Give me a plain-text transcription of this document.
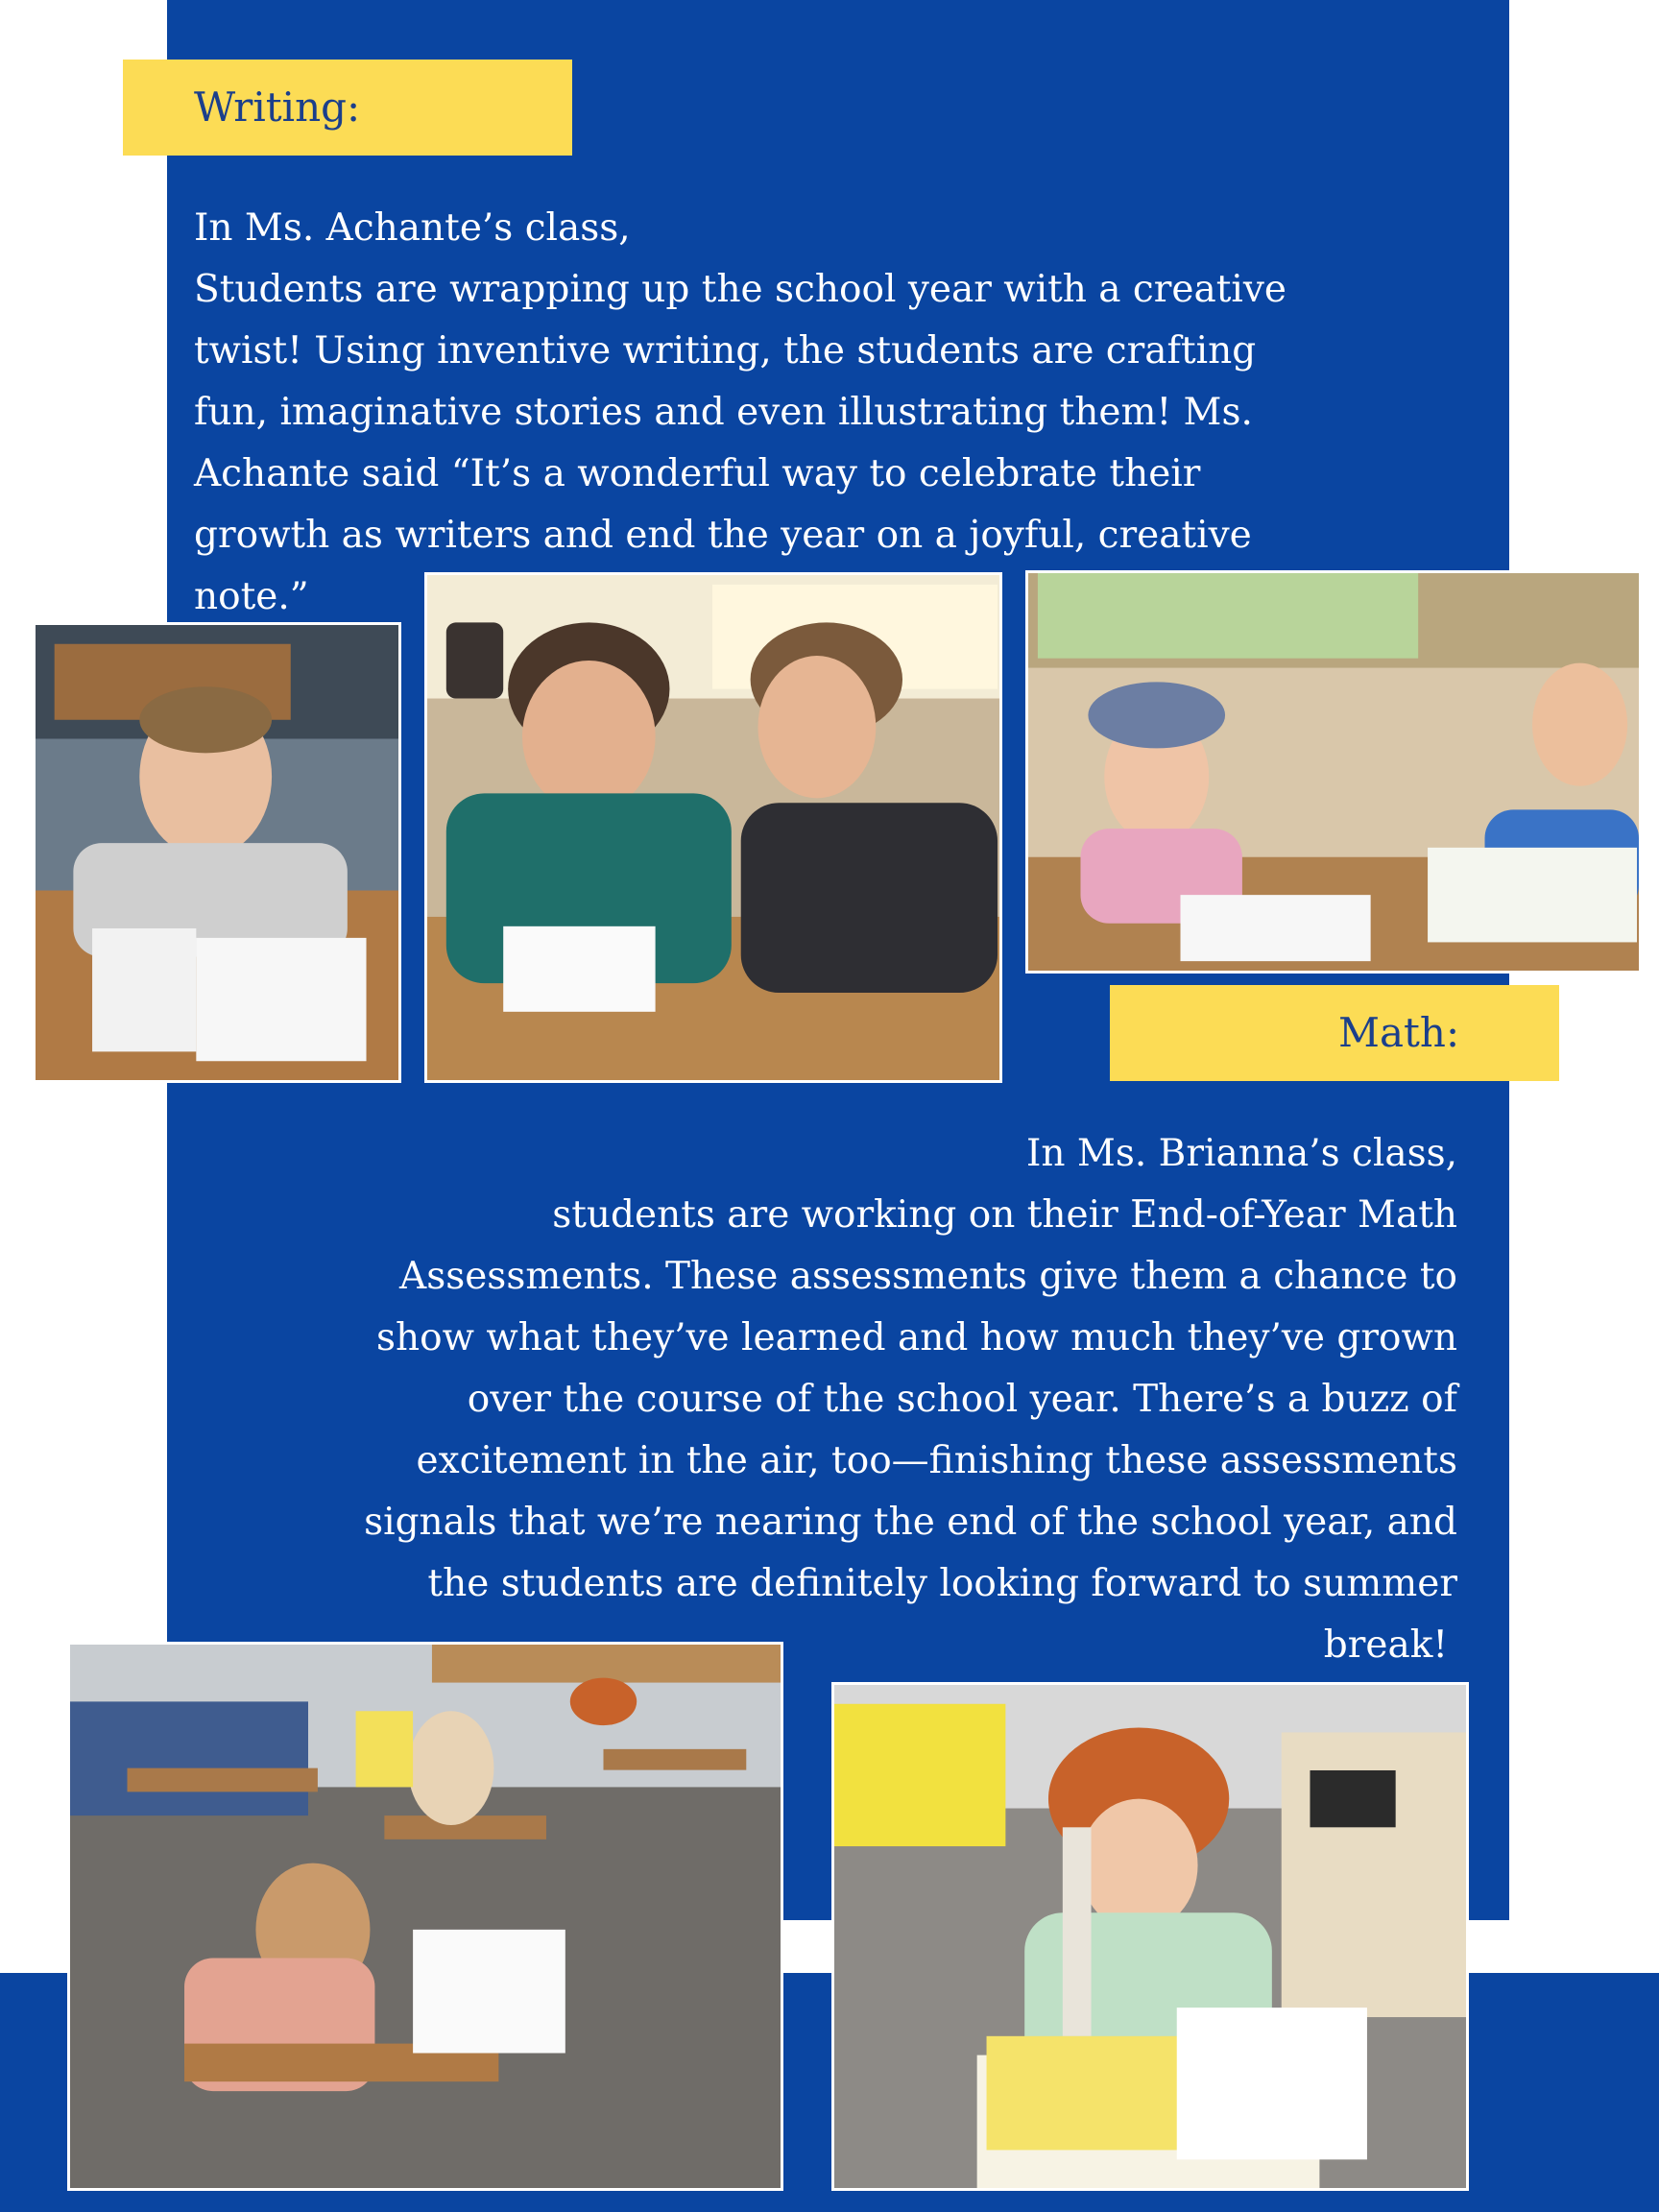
Writing:
In Ms. Achante’s class,
Students are wrapping up the school year with a creative
twist! Using inventive writing, the students are crafting
fun, imaginative stories and even illustrating them! Ms.
Achante said “It’s a wonderful way to celebrate their
growth as writers and end the year on a joyful, creative
note.”
Math:
In Ms. Brianna’s class,
students are working on their End-of-Year Math
Assessments. These assessments give them a chance to
show what they’ve learned and how much they’ve grown
over the course of the school year. There’s a buzz of
excitement in the air, too—finishing these assessments
signals that we’re nearing the end of the school year, and
the students are definitely looking forward to summer
break!
